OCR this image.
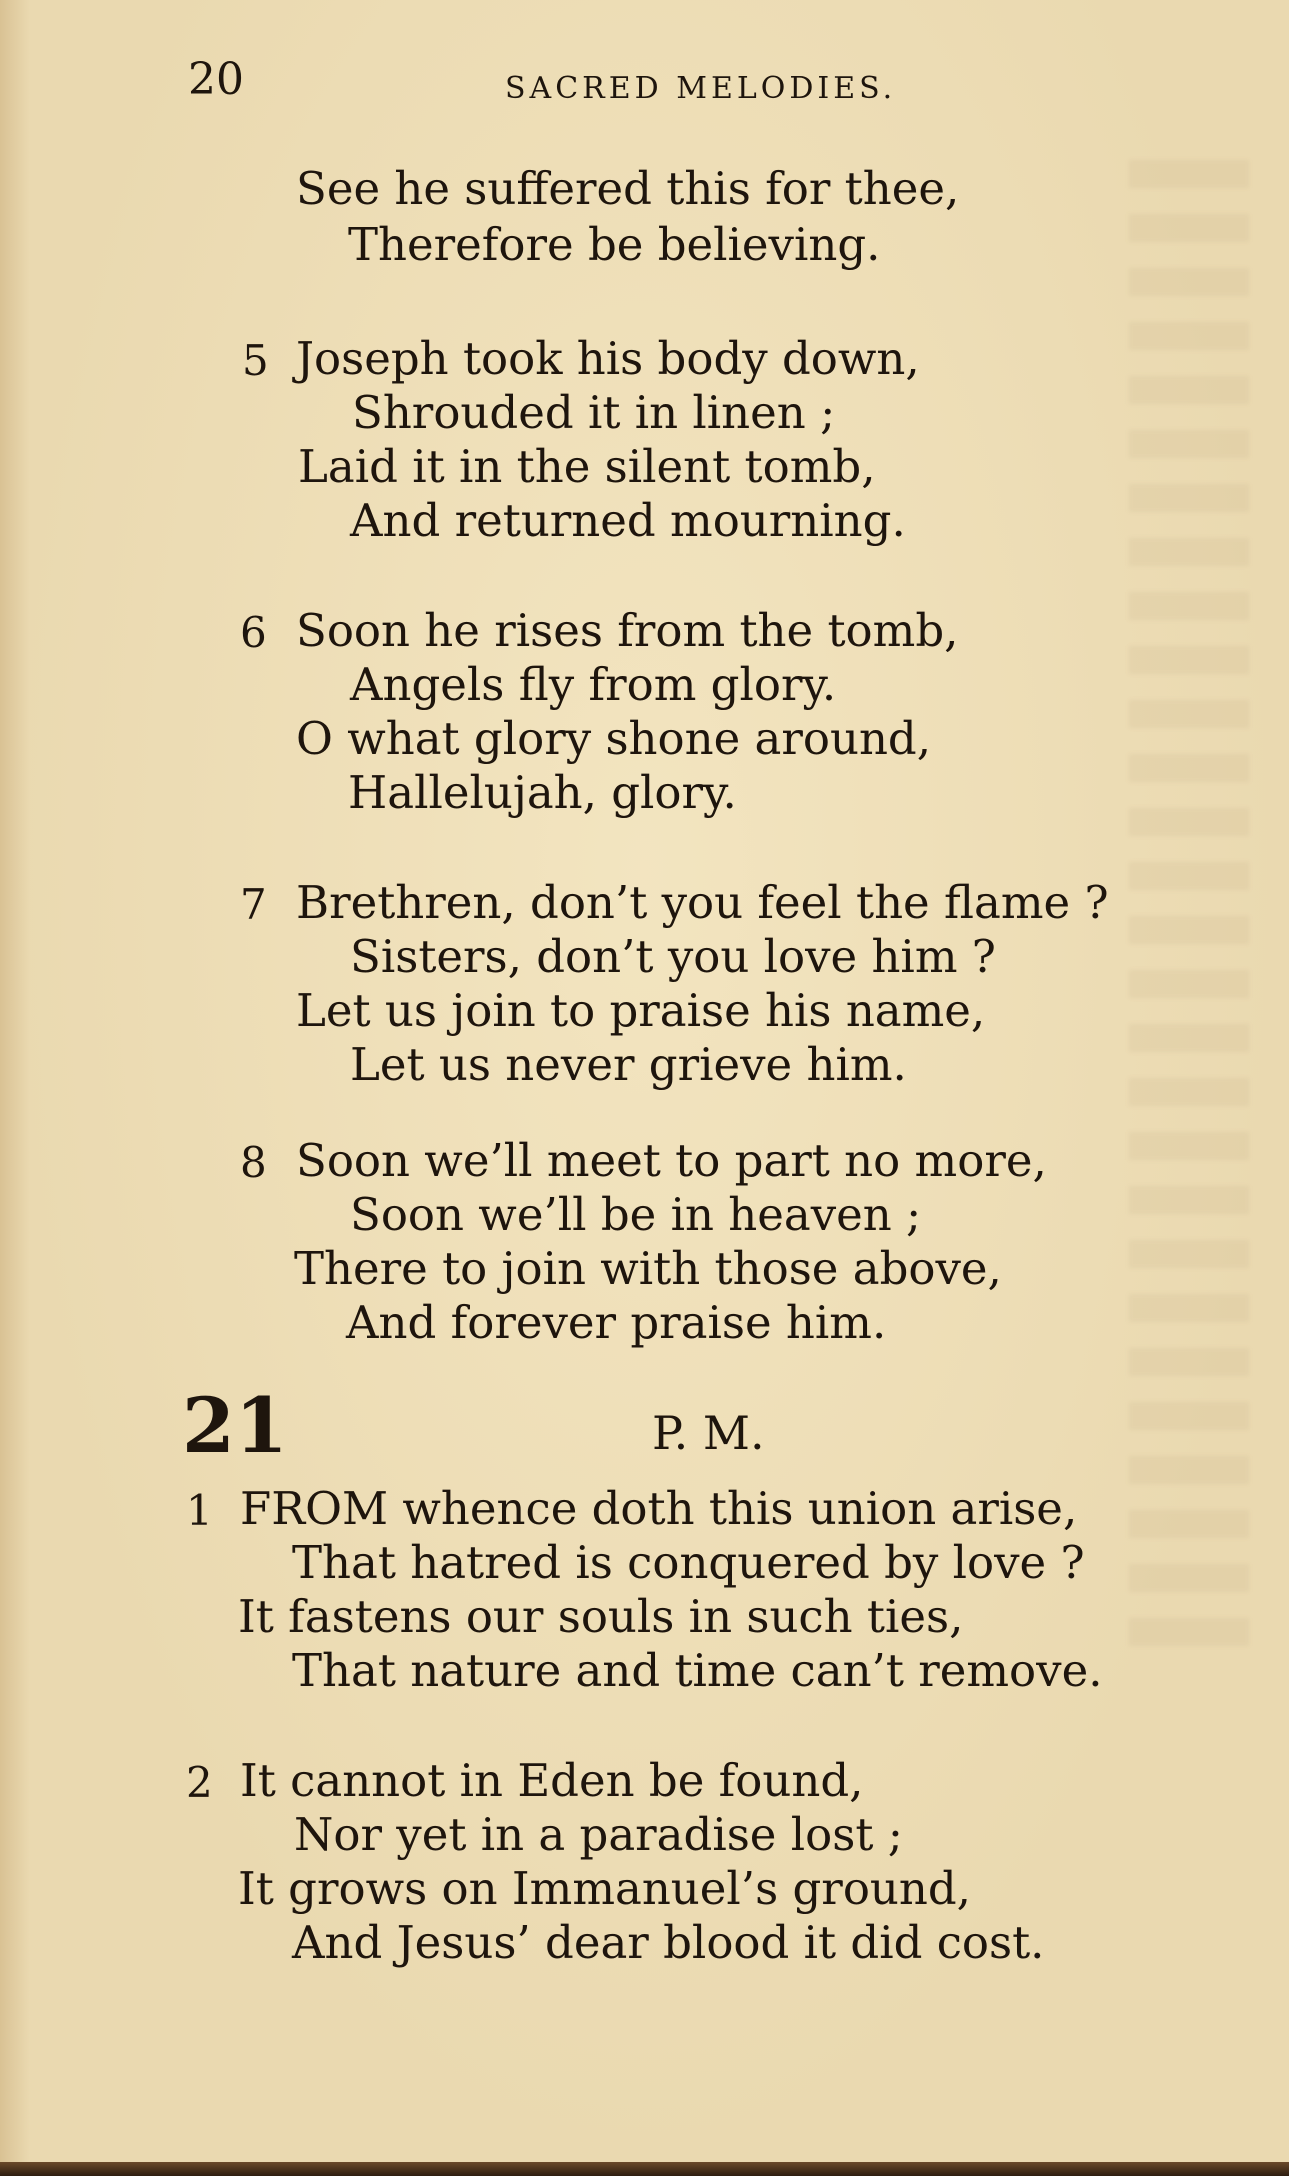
20	SACRED MELODIES.
See he suffered this for thee,
Therefore be believing.
5 Joseph took his body down,
Shrouded it in linen ;
Laid it in the silent tomb,
And returned mourning.
6 Soon he rises from the tomb,
Angels fly from glory.
O what glory shone around,
Hallelujah, glory.
7 Brethren, don’t you feel the flame ?
Sisters, don’t you love him ?
Let us join to praise his name,
Let us never grieve him.
8 Soon we’ll meet to part no more,
Soon we’ll be in heaven ;
There to join with those above,
And forever praise him.
21	P. M.
1 FROM whence doth this union arise,
That hatred is conquered by love ?
It fastens our souls in such ties,
That nature and time can’t remove.
2 It cannot in Eden be found,
Nor yet in a paradise lost ;
It grows on Immanuel’s ground,
And Jesus’ dear blood it did cost.
